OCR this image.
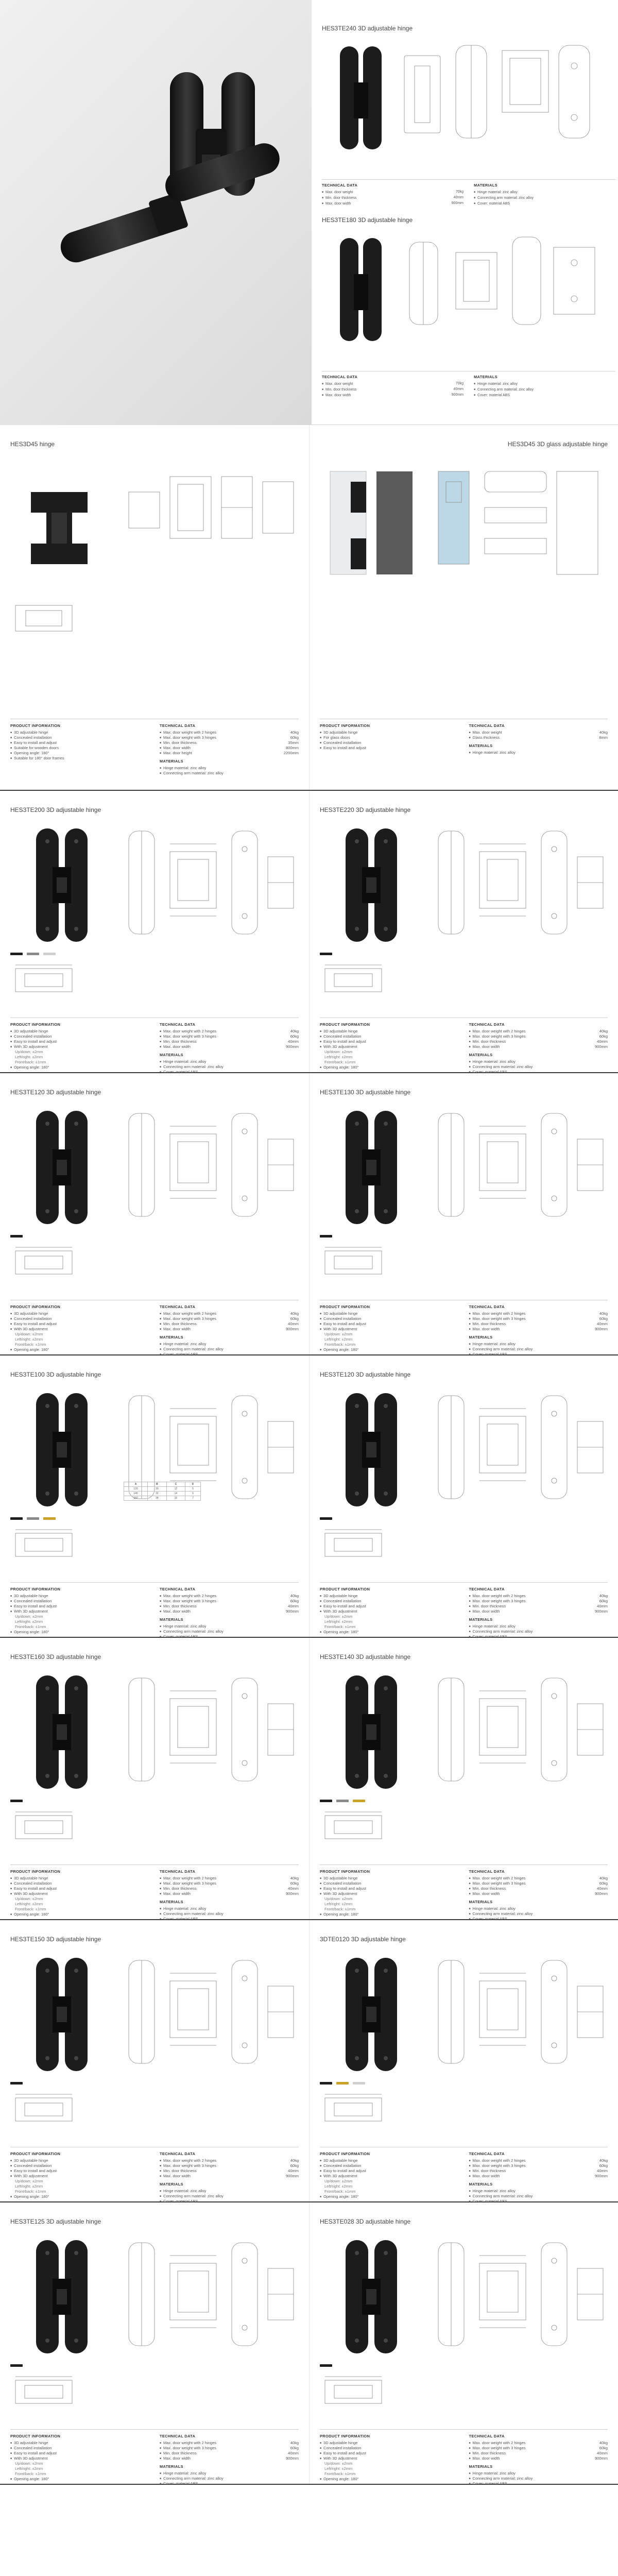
HES3TE240 3D adjustable hinge
TECHNICAL DATA
■ Max. door weight	70kg
■ Min. door thickness	40mm
■ Max. door width	900mm
MATERIALS
■ Hinge material: zinc alloy
■ Connecting arm material: zinc alloy
■ Cover: material ABS
HES3TE180 3D adjustable hinge
TECHNICAL DATA
■ Max. door weight	70kg
■ Min. door thickness	40mm
■ Max. door width	900mm
MATERIALS
■ Hinge material: zinc alloy
■ Connecting arm material: zinc alloy
■ Cover: material ABS
HES3D45 hinge
PRODUCT INFORMATION
■ 3D adjustable hinge
■ Concealed installation
■ Easy to install and adjust
■ Suitable for wooden doors
■ Opening angle: 180°
■ Suitable for 180° door frames
TECHNICAL DATA
■ Max. door weight with 2 hinges	40kg
■ Max. door weight with 3 hinges	60kg
■ Min. door thickness	35mm
■ Max. door width	800mm
■ Max. door height	2200mm
MATERIALS
■ Hinge material: zinc alloy
■ Connecting arm material: zinc alloy
HES3D45 3D glass adjustable hinge
PRODUCT INFORMATION
■ 3D adjustable hinge
■ For glass doors
■ Concealed installation
■ Easy to install and adjust
TECHNICAL DATA
■ Max. door weight	40kg
■ Glass thickness	8mm
MATERIALS
■ Hinge material: zinc alloy
HES3TE200 3D adjustable hinge
PRODUCT INFORMATION
■ 3D adjustable hinge
■ Concealed installation
■ Easy to install and adjust
■ With 3D adjustment
Up/down: ±2mm
Left/right: ±2mm
Front/back: ±1mm
■ Opening angle: 180°
TECHNICAL DATA
■ Max. door weight with 2 hinges	40kg
■ Max. door weight with 3 hinges	60kg
■ Min. door thickness	40mm
■ Max. door width	900mm
MATERIALS
■ Hinge material: zinc alloy
■ Connecting arm material: zinc alloy
■ Cover: material ABS
HES3TE220 3D adjustable hinge
PRODUCT INFORMATION
■ 3D adjustable hinge
■ Concealed installation
■ Easy to install and adjust
■ With 3D adjustment
Up/down: ±2mm
Left/right: ±2mm
Front/back: ±1mm
■ Opening angle: 180°
TECHNICAL DATA
■ Max. door weight with 2 hinges	40kg
■ Max. door weight with 3 hinges	60kg
■ Min. door thickness	40mm
■ Max. door width	900mm
MATERIALS
■ Hinge material: zinc alloy
■ Connecting arm material: zinc alloy
■ Cover: material ABS
HES3TE120 3D adjustable hinge
PRODUCT INFORMATION
■ 3D adjustable hinge
■ Concealed installation
■ Easy to install and adjust
■ With 3D adjustment
Up/down: ±2mm
Left/right: ±2mm
Front/back: ±1mm
■ Opening angle: 180°
TECHNICAL DATA
■ Max. door weight with 2 hinges	40kg
■ Max. door weight with 3 hinges	60kg
■ Min. door thickness	40mm
■ Max. door width	900mm
MATERIALS
■ Hinge material: zinc alloy
■ Connecting arm material: zinc alloy
■ Cover: material ABS
HES3TE130 3D adjustable hinge
PRODUCT INFORMATION
■ 3D adjustable hinge
■ Concealed installation
■ Easy to install and adjust
■ With 3D adjustment
Up/down: ±2mm
Left/right: ±2mm
Front/back: ±1mm
■ Opening angle: 180°
TECHNICAL DATA
■ Max. door weight with 2 hinges	40kg
■ Max. door weight with 3 hinges	60kg
■ Min. door thickness	40mm
■ Max. door width	900mm
MATERIALS
■ Hinge material: zinc alloy
■ Connecting arm material: zinc alloy
■ Cover: material ABS
HES3TE100 3D adjustable hinge
PRODUCT INFORMATION
■ 3D adjustable hinge
■ Concealed installation
■ Easy to install and adjust
■ With 3D adjustment
Up/down: ±2mm
Left/right: ±2mm
Front/back: ±1mm
■ Opening angle: 180°
TECHNICAL DATA
■ Max. door weight with 2 hinges	40kg
■ Max. door weight with 3 hinges	60kg
■ Min. door thickness	40mm
■ Max. door width	900mm
MATERIALS
■ Hinge material: zinc alloy
■ Connecting arm material: zinc alloy
■ Cover: material ABS
A	B	C	D
120	30	12	5
140	32	14	6
160	34	16	7
HES3TE120 3D adjustable hinge
PRODUCT INFORMATION
■ 3D adjustable hinge
■ Concealed installation
■ Easy to install and adjust
■ With 3D adjustment
Up/down: ±2mm
Left/right: ±2mm
Front/back: ±1mm
■ Opening angle: 180°
TECHNICAL DATA
■ Max. door weight with 2 hinges	40kg
■ Max. door weight with 3 hinges	60kg
■ Min. door thickness	40mm
■ Max. door width	900mm
MATERIALS
■ Hinge material: zinc alloy
■ Connecting arm material: zinc alloy
■ Cover: material ABS
HES3TE160 3D adjustable hinge
PRODUCT INFORMATION
■ 3D adjustable hinge
■ Concealed installation
■ Easy to install and adjust
■ With 3D adjustment
Up/down: ±2mm
Left/right: ±2mm
Front/back: ±1mm
■ Opening angle: 180°
TECHNICAL DATA
■ Max. door weight with 2 hinges	40kg
■ Max. door weight with 3 hinges	60kg
■ Min. door thickness	40mm
■ Max. door width	900mm
MATERIALS
■ Hinge material: zinc alloy
■ Connecting arm material: zinc alloy
■ Cover: material ABS
HES3TE140 3D adjustable hinge
PRODUCT INFORMATION
■ 3D adjustable hinge
■ Concealed installation
■ Easy to install and adjust
■ With 3D adjustment
Up/down: ±2mm
Left/right: ±2mm
Front/back: ±1mm
■ Opening angle: 180°
TECHNICAL DATA
■ Max. door weight with 2 hinges	40kg
■ Max. door weight with 3 hinges	60kg
■ Min. door thickness	40mm
■ Max. door width	900mm
MATERIALS
■ Hinge material: zinc alloy
■ Connecting arm material: zinc alloy
■ Cover: material ABS
HES3TE150 3D adjustable hinge
PRODUCT INFORMATION
■ 3D adjustable hinge
■ Concealed installation
■ Easy to install and adjust
■ With 3D adjustment
Up/down: ±2mm
Left/right: ±2mm
Front/back: ±1mm
■ Opening angle: 180°
TECHNICAL DATA
■ Max. door weight with 2 hinges	40kg
■ Max. door weight with 3 hinges	60kg
■ Min. door thickness	40mm
■ Max. door width	900mm
MATERIALS
■ Hinge material: zinc alloy
■ Connecting arm material: zinc alloy
■ Cover: material ABS
3DTE0120 3D adjustable hinge
PRODUCT INFORMATION
■ 3D adjustable hinge
■ Concealed installation
■ Easy to install and adjust
■ With 3D adjustment
Up/down: ±2mm
Left/right: ±2mm
Front/back: ±1mm
■ Opening angle: 180°
TECHNICAL DATA
■ Max. door weight with 2 hinges	40kg
■ Max. door weight with 3 hinges	60kg
■ Min. door thickness	40mm
■ Max. door width	900mm
MATERIALS
■ Hinge material: zinc alloy
■ Connecting arm material: zinc alloy
■ Cover: material ABS
HES3TE125 3D adjustable hinge
PRODUCT INFORMATION
■ 3D adjustable hinge
■ Concealed installation
■ Easy to install and adjust
■ With 3D adjustment
Up/down: ±2mm
Left/right: ±2mm
Front/back: ±1mm
■ Opening angle: 180°
TECHNICAL DATA
■ Max. door weight with 2 hinges	40kg
■ Max. door weight with 3 hinges	60kg
■ Min. door thickness	40mm
■ Max. door width	900mm
MATERIALS
■ Hinge material: zinc alloy
■ Connecting arm material: zinc alloy
■ Cover: material ABS
HES3TE028 3D adjustable hinge
PRODUCT INFORMATION
■ 3D adjustable hinge
■ Concealed installation
■ Easy to install and adjust
■ With 3D adjustment
Up/down: ±2mm
Left/right: ±2mm
Front/back: ±1mm
■ Opening angle: 180°
TECHNICAL DATA
■ Max. door weight with 2 hinges	40kg
■ Max. door weight with 3 hinges	60kg
■ Min. door thickness	40mm
■ Max. door width	900mm
MATERIALS
■ Hinge material: zinc alloy
■ Connecting arm material: zinc alloy
■ Cover: material ABS
